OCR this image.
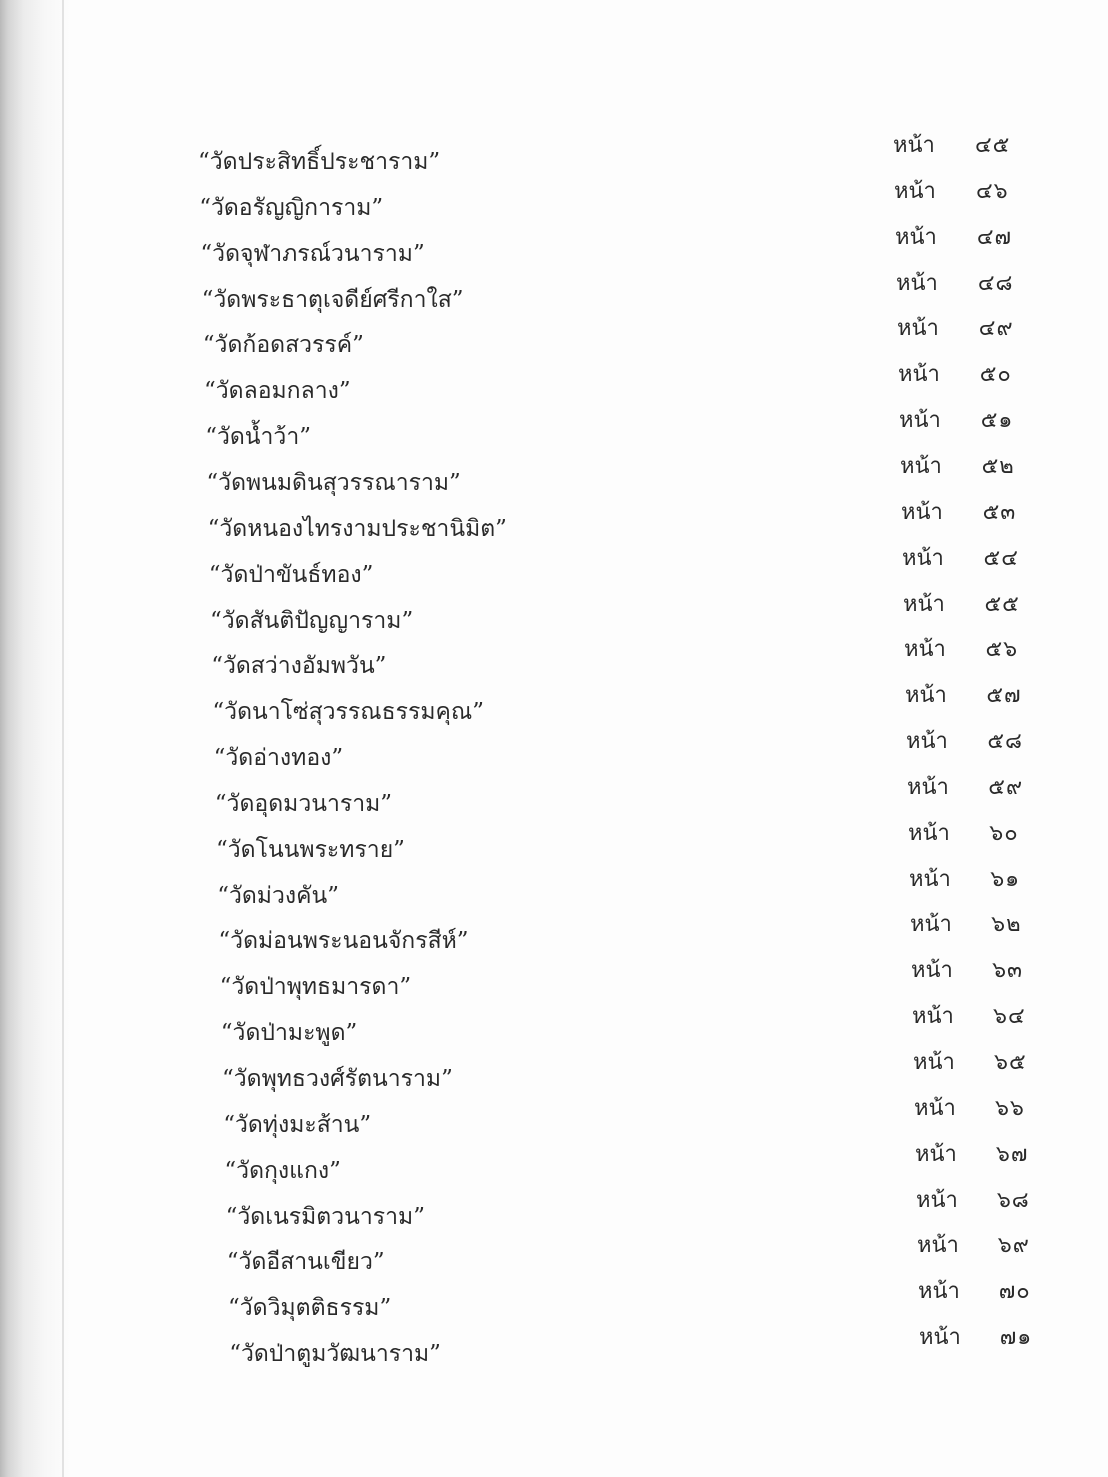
“วัดประสิทธิ์ประชาราม”
หน้า ๔๕
“วัดอรัญญิการาม”
หน้า ๔๖
“วัดจุฬาภรณ์วนาราม”
หน้า ๔๗
“วัดพระธาตุเจดีย์ศรีกาใส”
หน้า ๔๘
“วัดก้อดสวรรค์”
หน้า ๔๙
“วัดลอมกลาง”
หน้า ๕๐
“วัดน้ำว้า”
หน้า ๕๑
“วัดพนมดินสุวรรณาราม”
หน้า ๕๒
“วัดหนองไทรงามประชานิมิต”
หน้า ๕๓
“วัดป่าขันธ์ทอง”
หน้า ๕๔
“วัดสันติปัญญาราม”
หน้า ๕๕
“วัดสว่างอัมพวัน”
หน้า ๕๖
“วัดนาโซ่สุวรรณธรรมคุณ”
หน้า ๕๗
“วัดอ่างทอง”
หน้า ๕๘
“วัดอุดมวนาราม”
หน้า ๕๙
“วัดโนนพระทราย”
หน้า ๖๐
“วัดม่วงคัน”
หน้า ๖๑
“วัดม่อนพระนอนจักรสีห์”
หน้า ๖๒
“วัดป่าพุทธมารดา”
หน้า ๖๓
“วัดป่ามะพูด”
หน้า ๖๔
“วัดพุทธวงศ์รัตนาราม”
หน้า ๖๕
“วัดทุ่งมะส้าน”
หน้า ๖๖
“วัดกุงแกง”
หน้า ๖๗
“วัดเนรมิตวนาราม”
หน้า ๖๘
“วัดอีสานเขียว”
หน้า ๖๙
“วัดวิมุตติธรรม”
หน้า ๗๐
“วัดป่าตูมวัฒนาราม”
หน้า ๗๑
